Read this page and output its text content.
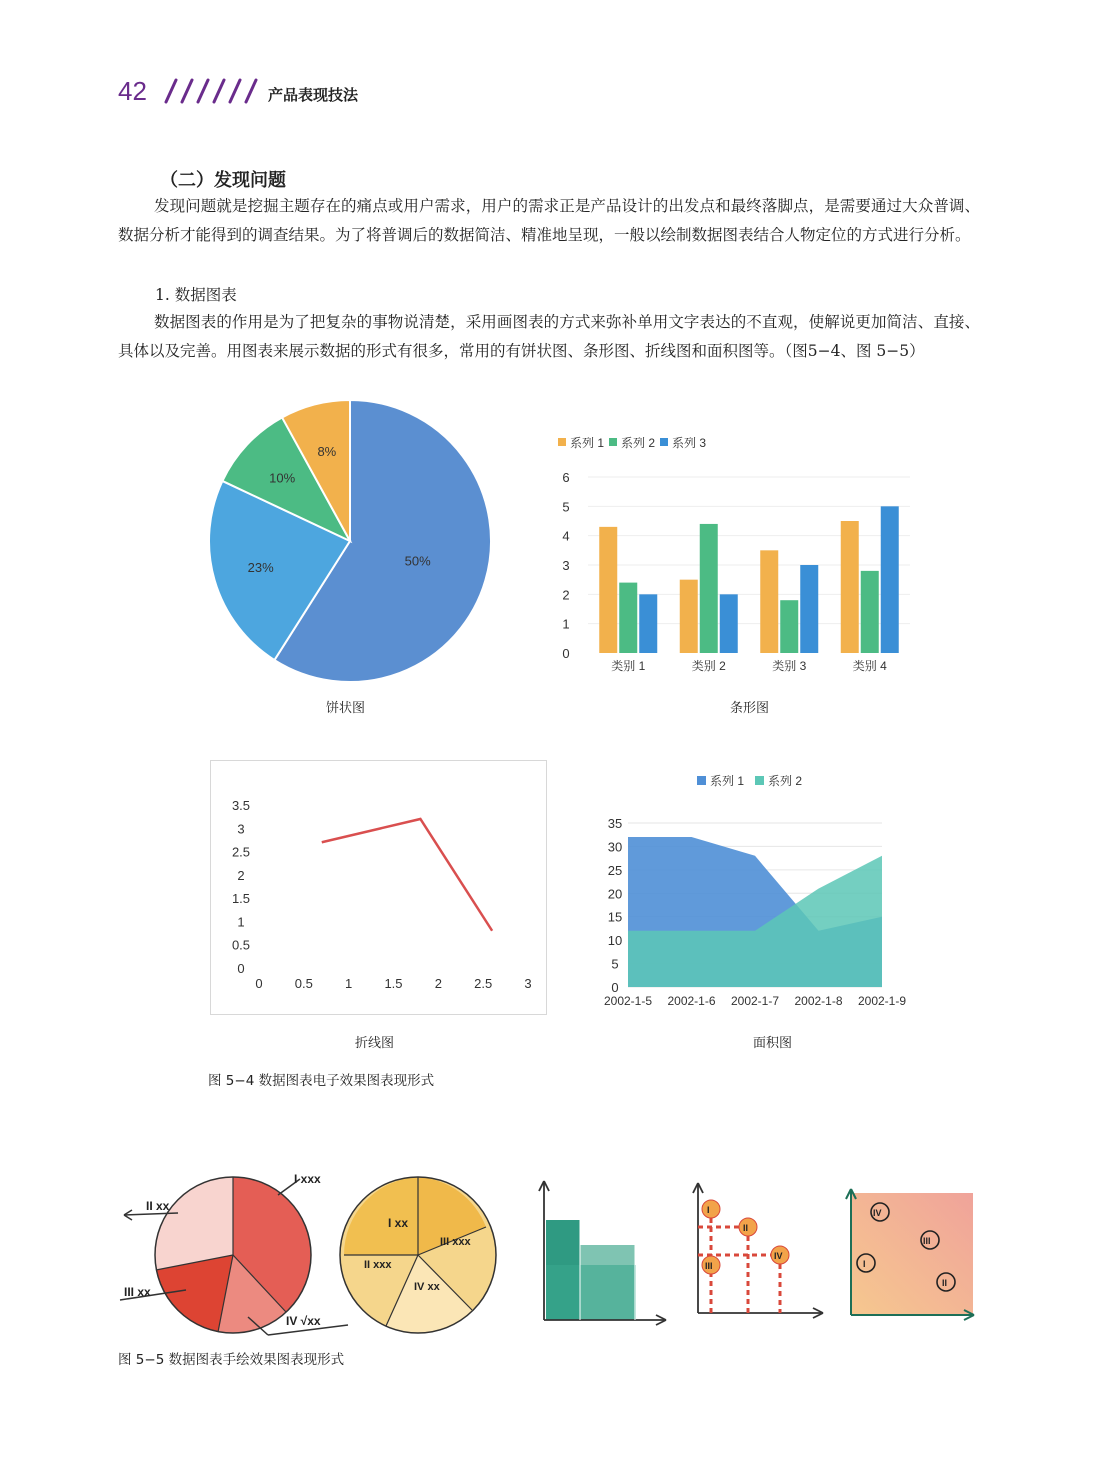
42	产品表现技法
（二）发现问题

发现问题就是挖掘主题存在的痛点或用户需求，用户的需求正是产品设计的出发点和最终落脚点，是需要通过大众普调、数据分析才能得到的调查结果。为了将普调后的数据简洁、精准地呈现，一般以绘制数据图表结合人物定位的方式进行分析。

1. 数据图表

数据图表的作用是为了把复杂的事物说清楚，采用画图表的方式来弥补单用文字表达的不直观，使解说更加简洁、直接、具体以及完善。用图表来展示数据的形式有很多，常用的有饼状图、条形图、折线图和面积图等。（图5−4、图 5−5）

50%
23%
10%
8%
饼状图
0
1
2
3
4
5
6
系列 1 系列 2 系列 3
类别 1	类别 2	类别 3	类别 4
条形图
0
0.5
1
1.5
2
2.5
3
3.5
0 0.5 1 1.5 2 2.5 3
折线图
0
5
10
15
20
25
30
35
2002-1-5 2002-1-6 2002-1-7 2002-1-8 2002-1-9
系列 1 系列 2
面积图
图 5−4 数据图表电子效果图表现形式
I xxx
II xx
III xx
IV √xx
I xx
II xxx
III xxx
IV xx
I
II
III
IV
IV
III
I
II
图 5−5 数据图表手绘效果图表现形式
